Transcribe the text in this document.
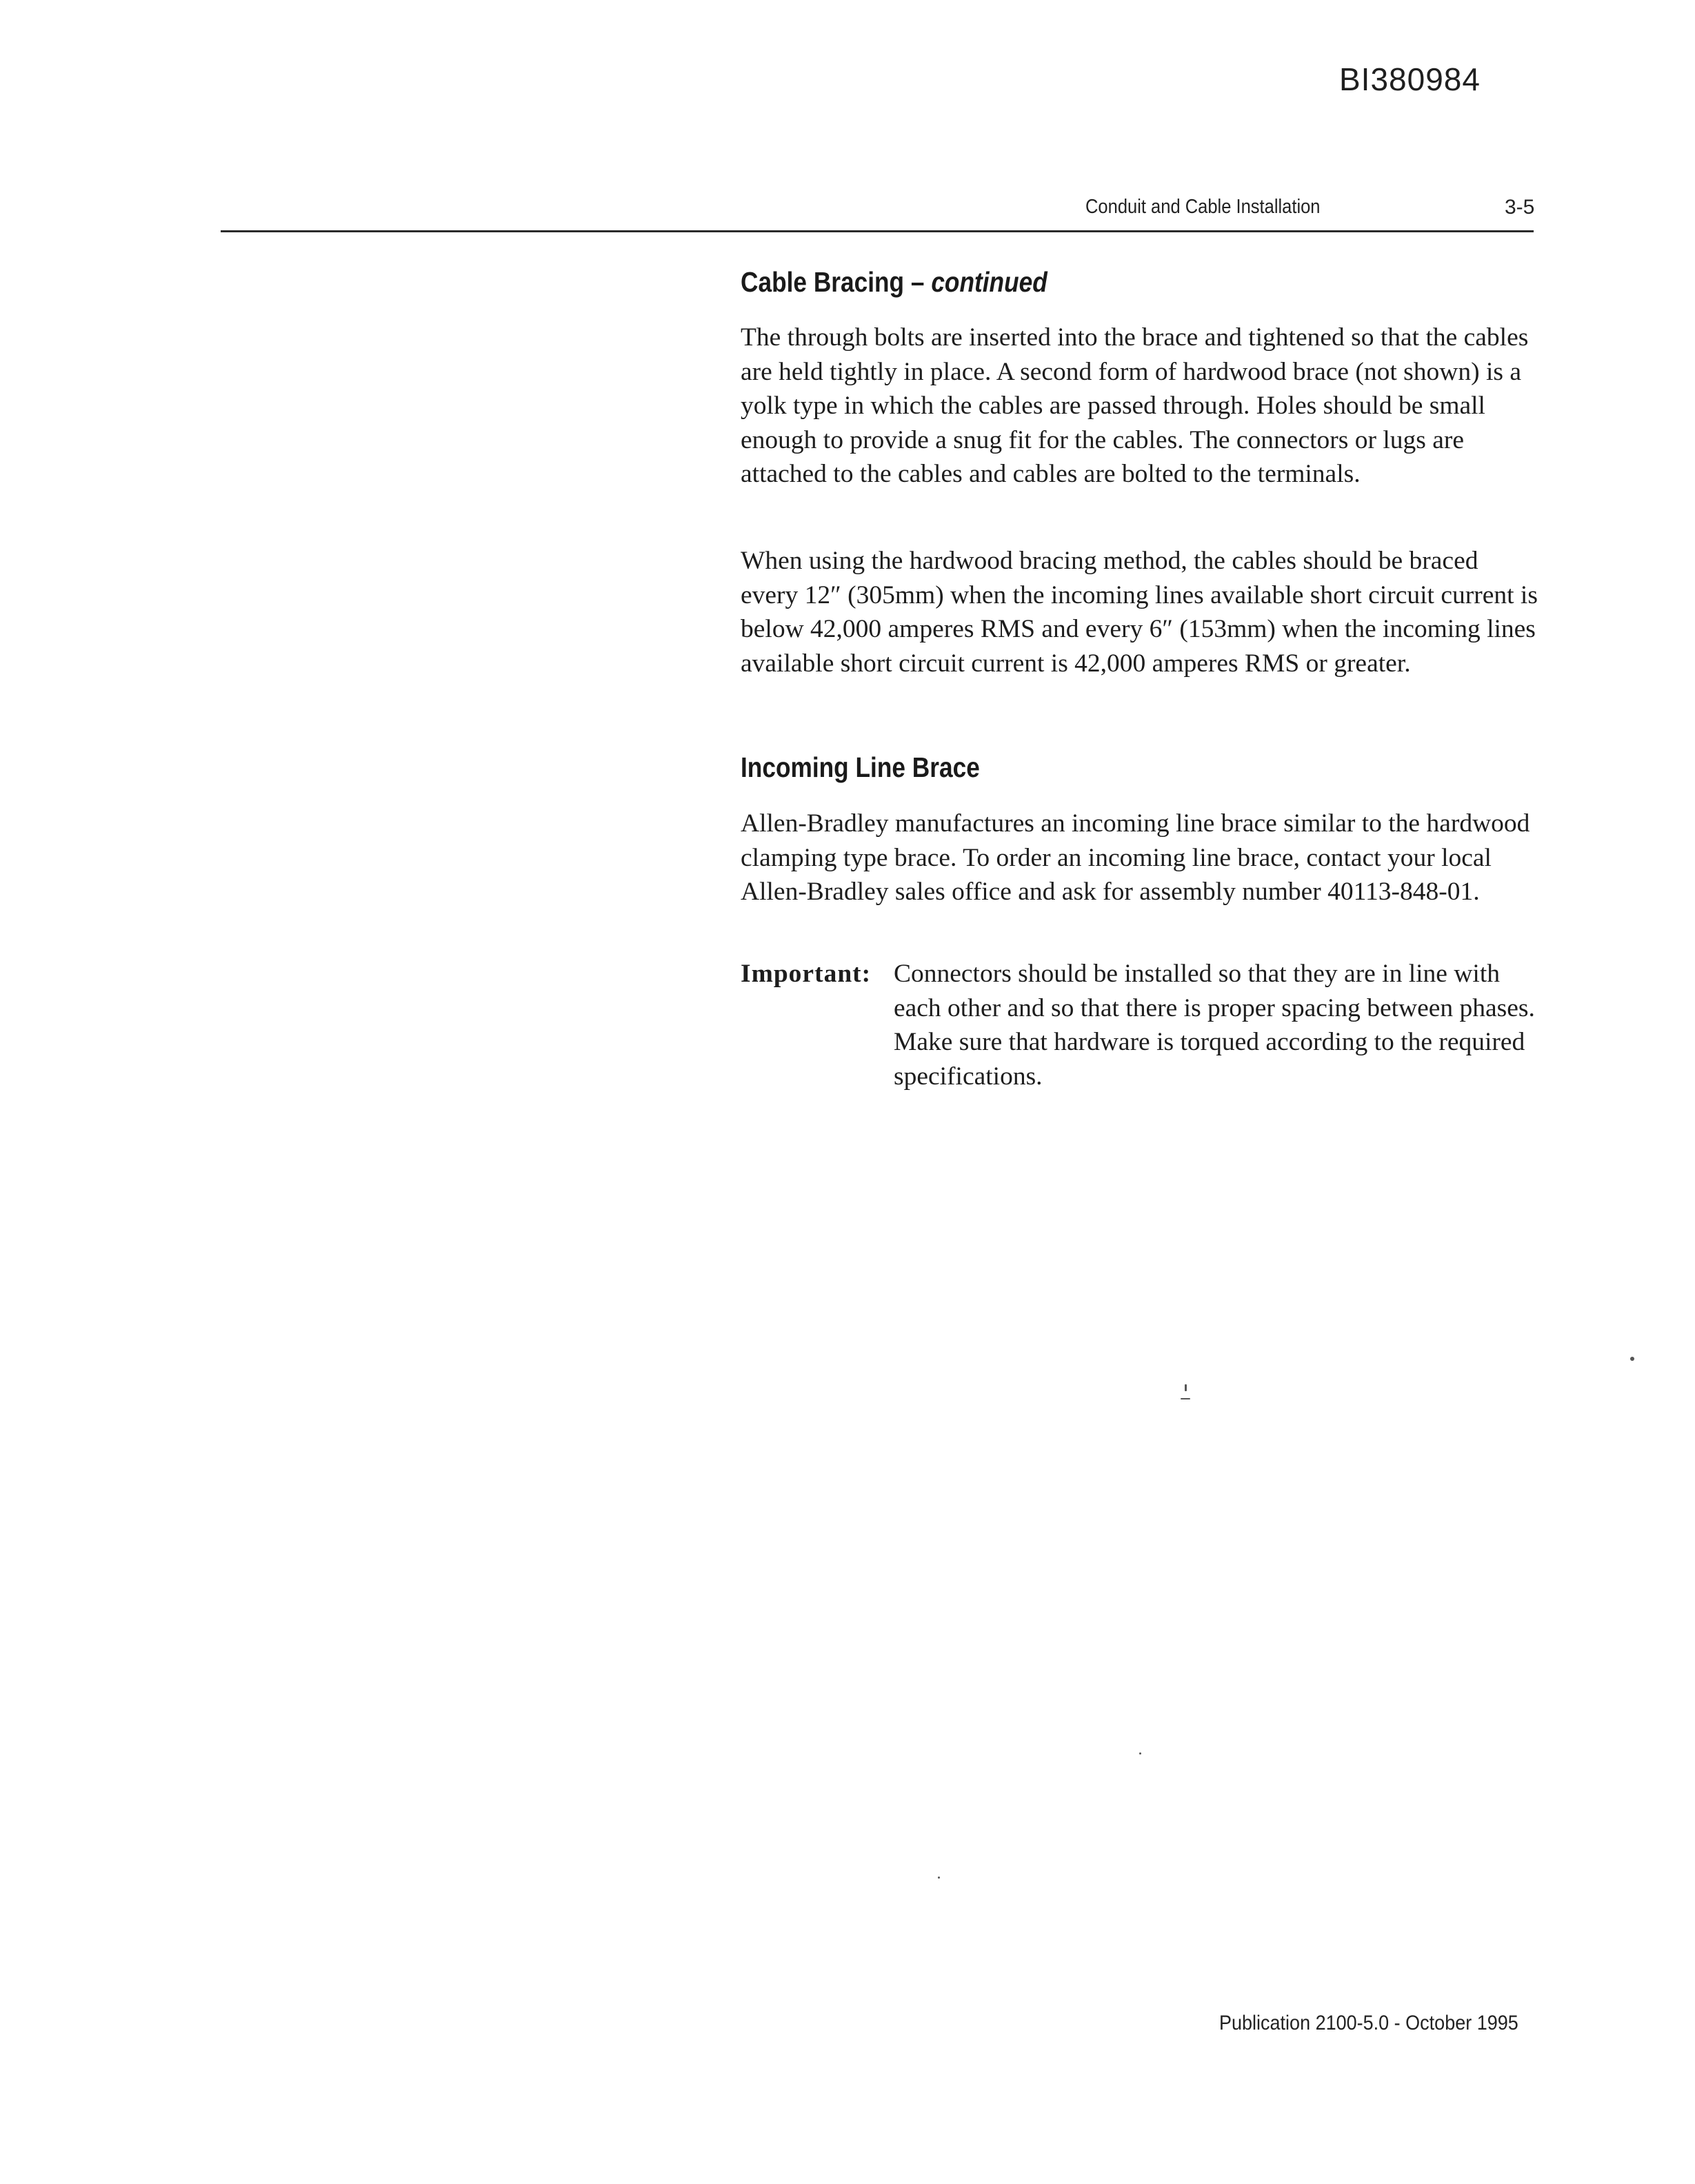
BI380984
Conduit and Cable Installation	3-5
Cable Bracing – continued

The through bolts are inserted into the brace and tightened so that the cables are held tightly in place. A second form of hardwood brace (not shown) is a yolk type in which the cables are passed through. Holes should be small enough to provide a snug fit for the cables. The connectors or lugs are attached to the cables and cables are bolted to the terminals.

When using the hardwood bracing method, the cables should be braced every 12″ (305mm) when the incoming lines available short circuit current is below 42,000 amperes RMS and every 6″ (153mm) when the incoming lines available short circuit current is 42,000 amperes RMS or greater.

Incoming Line Brace

Allen-Bradley manufactures an incoming line brace similar to the hardwood clamping type brace. To order an incoming line brace, contact your local Allen-Bradley sales office and ask for assembly number 40113-848-01.

Important: Connectors should be installed so that they are in line with each other and so that there is proper spacing between phases. Make sure that hardware is torqued according to the required specifications.

Publication 2100-5.0 - October 1995
